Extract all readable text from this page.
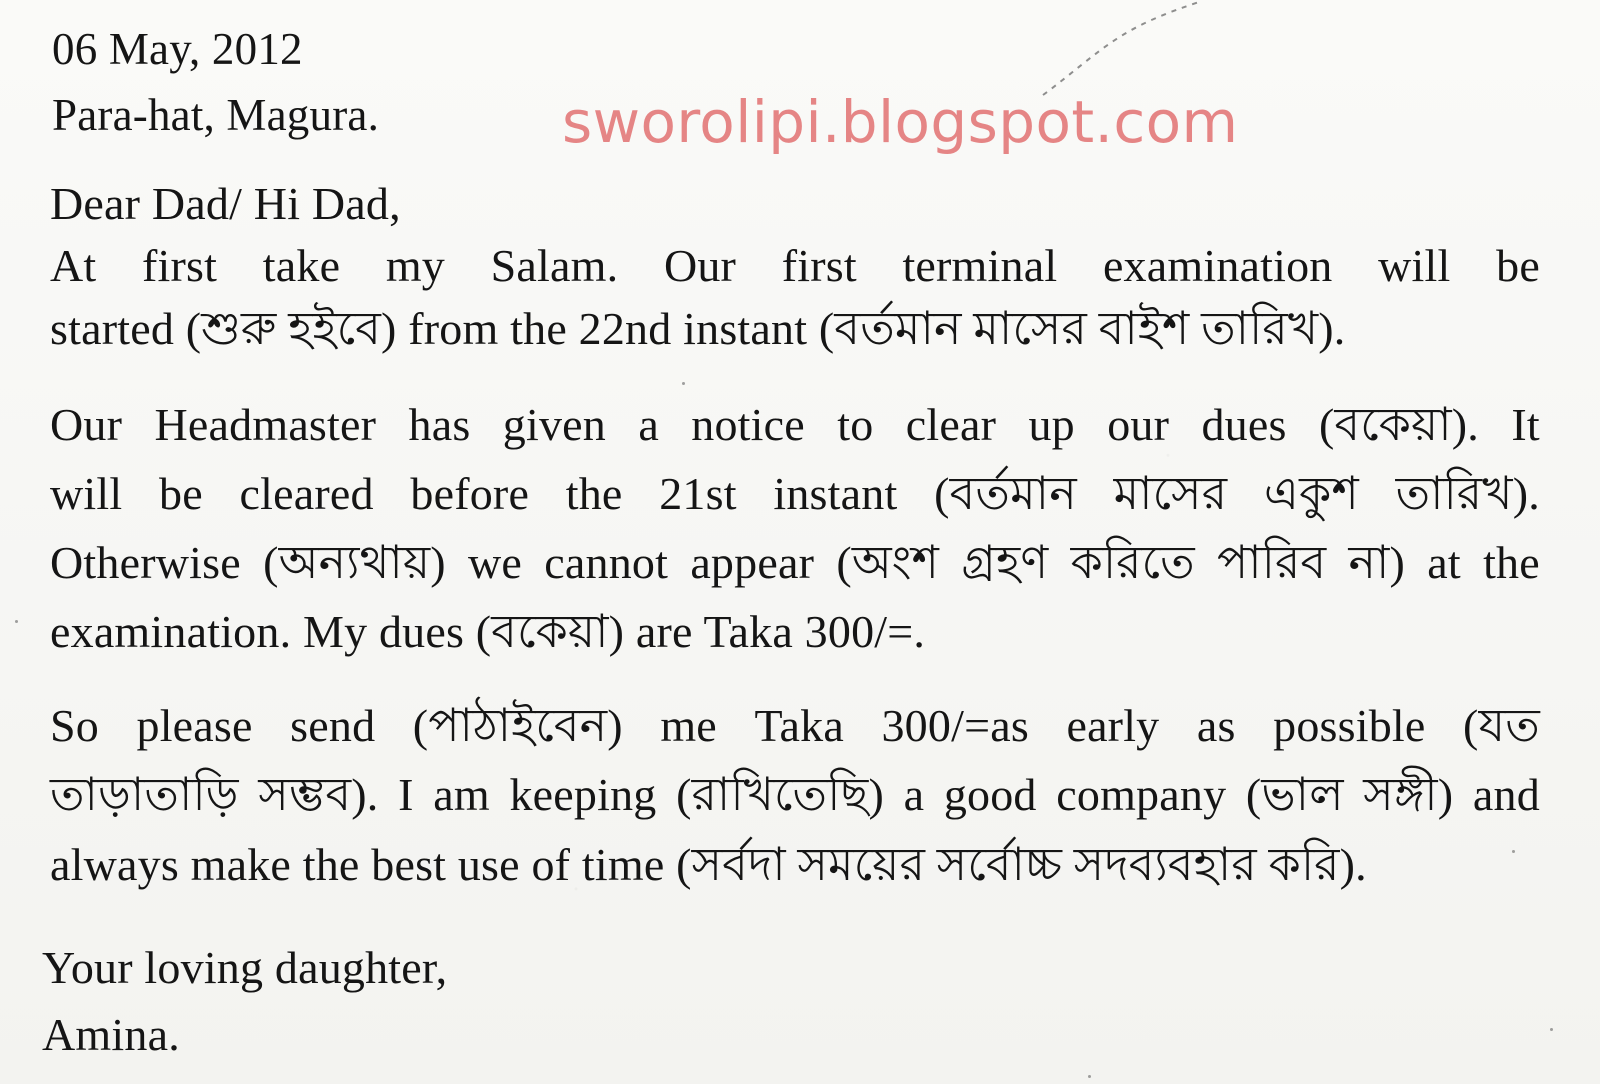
06 May, 2012
Para-hat, Magura.	sworolipi.blogspot.com
Dear Dad/ Hi Dad,
At first take my Salam. Our first terminal examination will be
started (শুরু হইবে) from the 22nd instant (বর্তমান মাসের বাইশ তারিখ).
Our Headmaster has given a notice to clear up our dues (বকেয়া). It
will be cleared before the 21st instant (বর্তমান মাসের একুশ তারিখ).
Otherwise (অন্যথায়) we cannot appear (অংশ গ্রহণ করিতে পারিব না) at the
examination. My dues (বকেয়া) are Taka 300/=.
So please send (পাঠাইবেন) me Taka 300/=as early as possible (যত
তাড়াতাড়ি সম্ভব). I am keeping (রাখিতেছি) a good company (ভাল সঙ্গী) and
always make the best use of time (সর্বদা সময়ের সর্বোচ্চ সদব্যবহার করি).
Your loving daughter,
Amina.
